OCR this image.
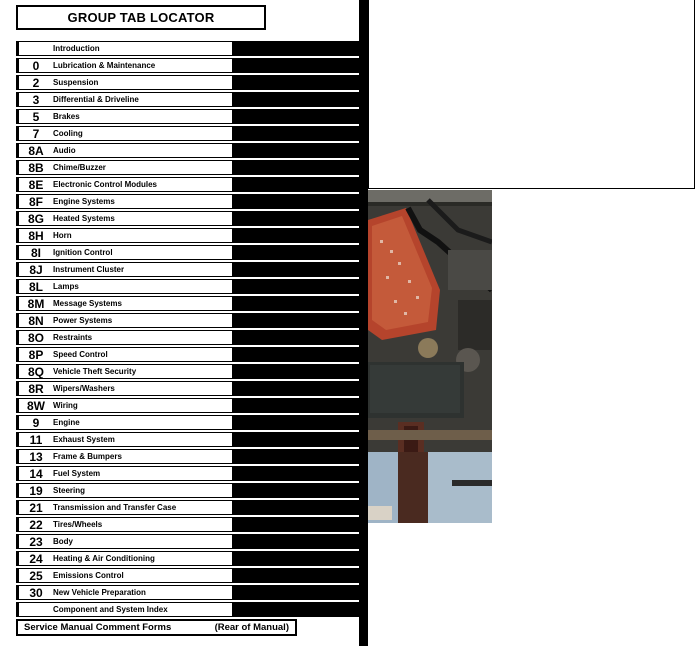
GROUP TAB LOCATOR
Introduction
0	Lubrication & Maintenance
2	Suspension
3	Differential & Driveline
5	Brakes
7	Cooling
8A	Audio
8B	Chime/Buzzer
8E	Electronic Control Modules
8F	Engine Systems
8G	Heated Systems
8H	Horn
8I	Ignition Control
8J	Instrument Cluster
8L	Lamps
8M	Message Systems
8N	Power Systems
8O	Restraints
8P	Speed Control
8Q	Vehicle Theft Security
8R	Wipers/Washers
8W	Wiring
9	Engine
11	Exhaust System
13	Frame & Bumpers
14	Fuel System
19	Steering
21	Transmission and Transfer Case
22	Tires/Wheels
23	Body
24	Heating & Air Conditioning
25	Emissions Control
30	New Vehicle Preparation
Component and System Index
Service Manual Comment Forms	(Rear of Manual)
